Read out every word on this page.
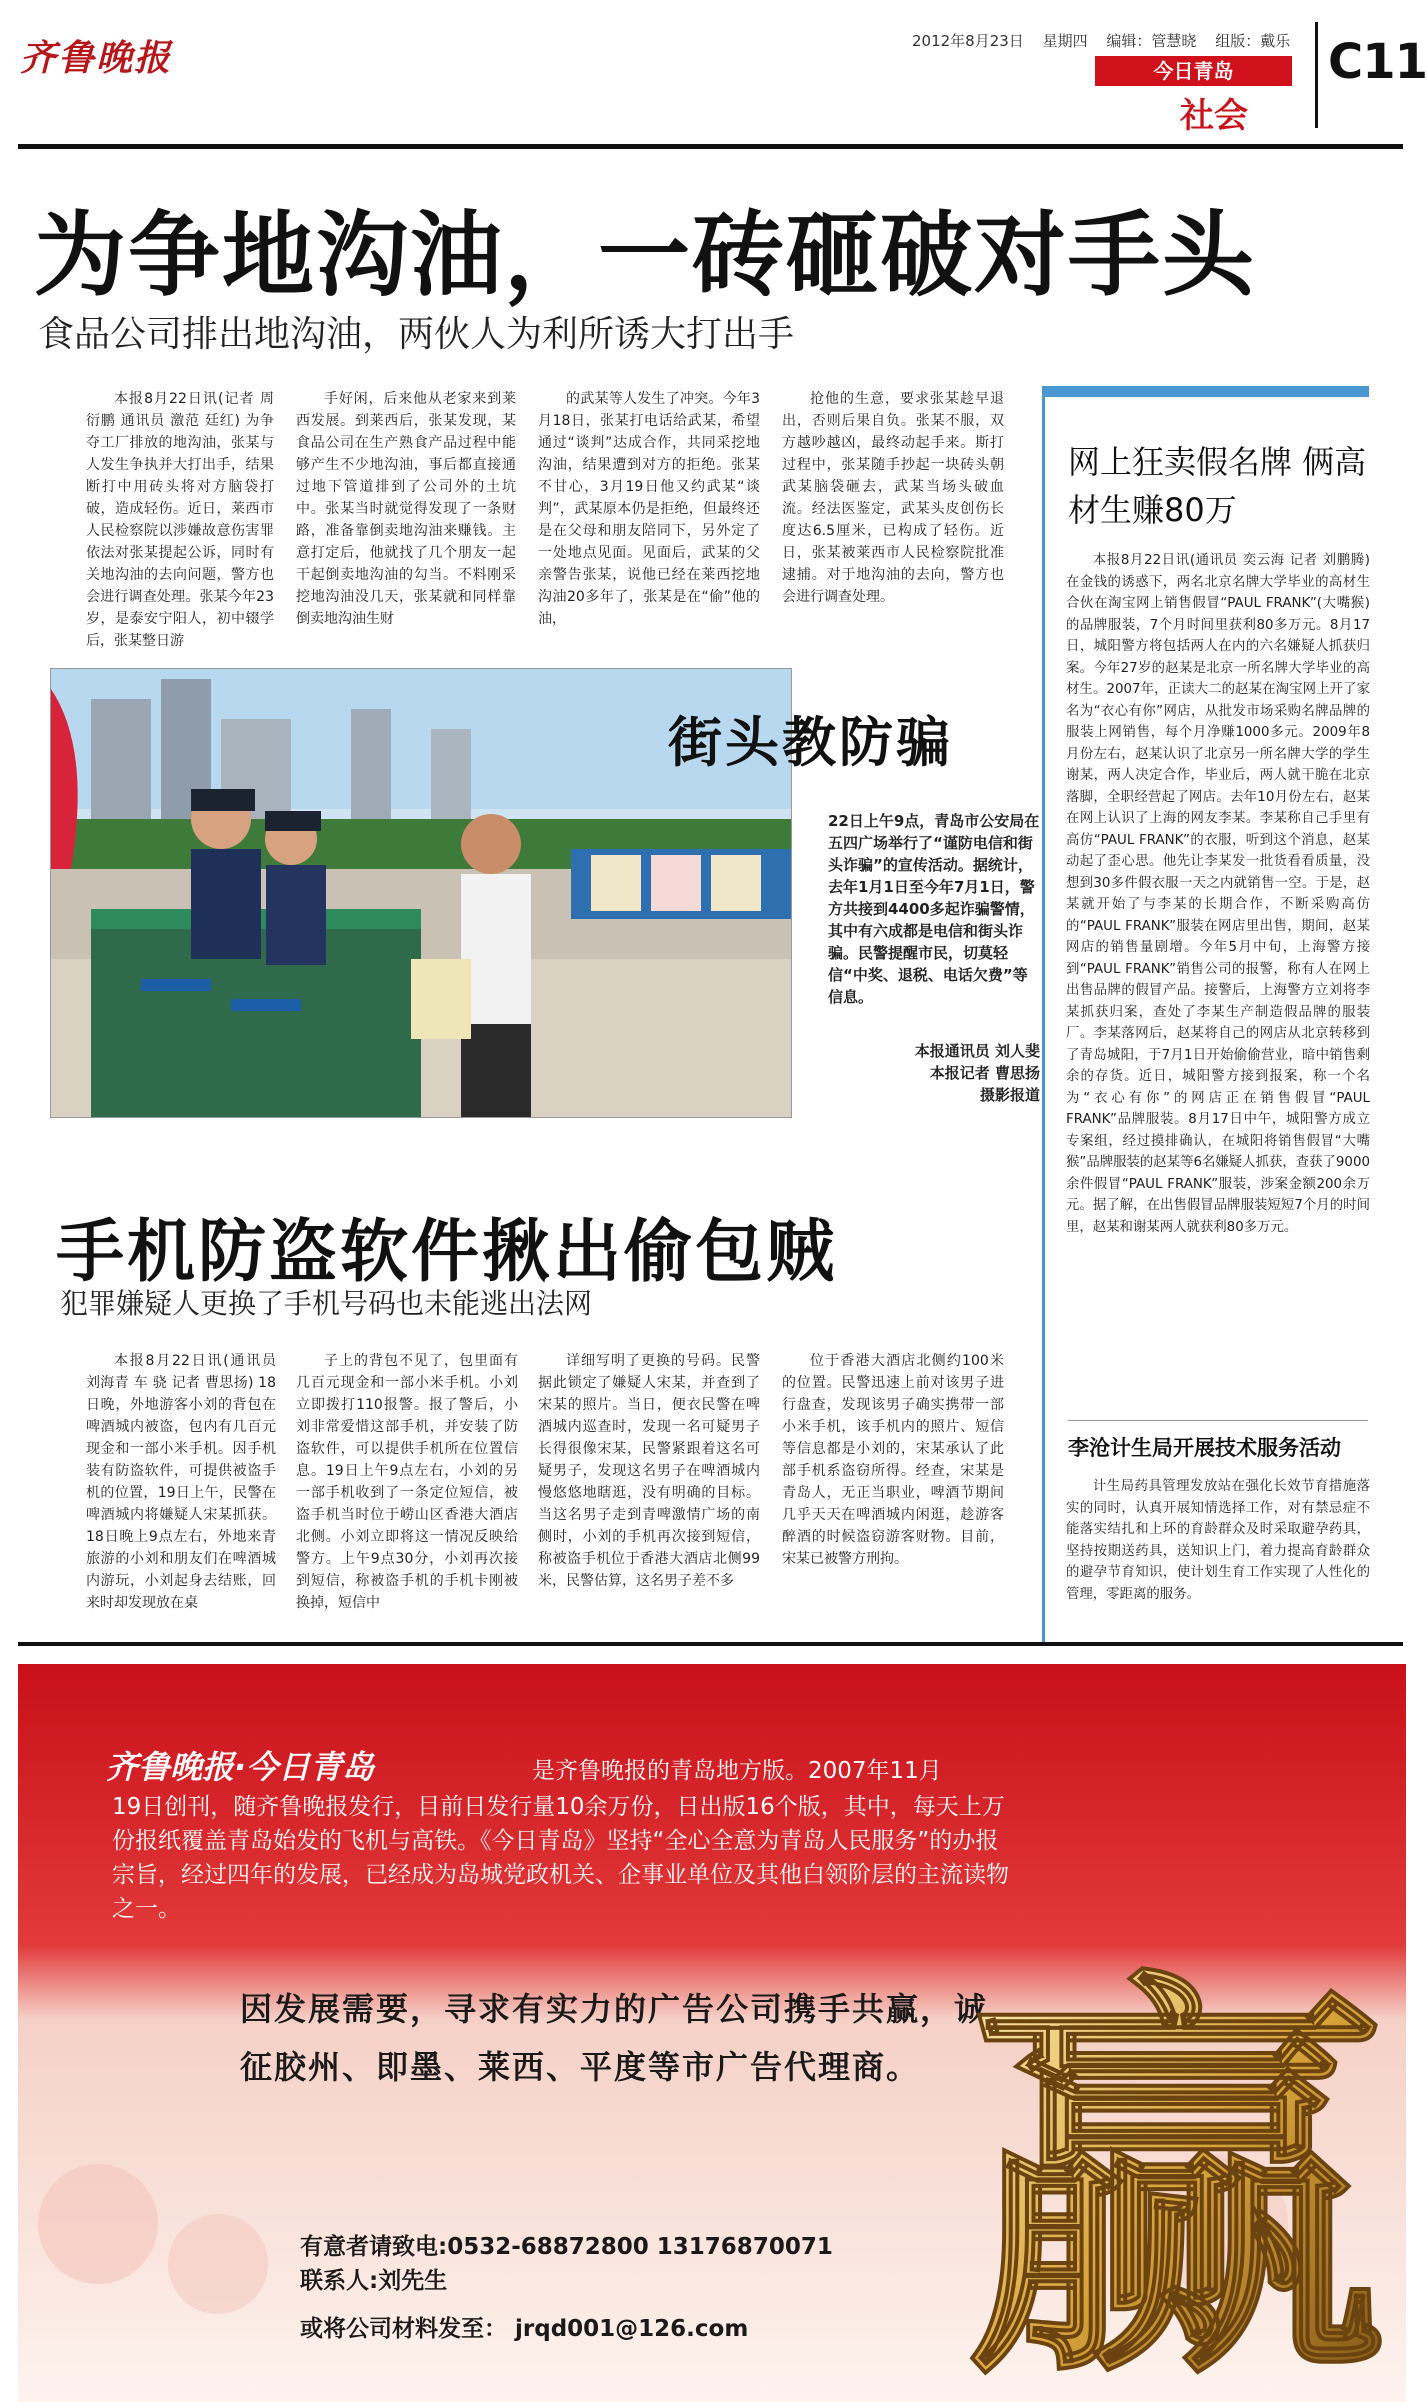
齐鲁晚报	2012年8月23日 星期四 编辑：管慧晓 组版：戴乐
今日青岛
社会
C11
为争地沟油，一砖砸破对手头
食品公司排出地沟油，两伙人为利所诱大打出手

本报8月22日讯(记者 周衍鹏 通讯员 激范 廷红) 为争夺工厂排放的地沟油，张某与人发生争执并大打出手，结果断打中用砖头将对方脑袋打破，造成轻伤。近日，莱西市人民检察院以涉嫌故意伤害罪依法对张某提起公诉，同时有关地沟油的去向问题，警方也会进行调查处理。张某今年23岁，是泰安宁阳人，初中辍学后，张某整日游

手好闲，后来他从老家来到莱西发展。到莱西后，张某发现，某食品公司在生产熟食产品过程中能够产生不少地沟油，事后都直接通过地下管道排到了公司外的土坑中。张某当时就觉得发现了一条财路，准备靠倒卖地沟油来赚钱。主意打定后，他就找了几个朋友一起干起倒卖地沟油的勾当。不料刚采挖地沟油没几天，张某就和同样靠倒卖地沟油生财

的武某等人发生了冲突。今年3月18日，张某打电话给武某，希望通过“谈判”达成合作，共同采挖地沟油，结果遭到对方的拒绝。张某不甘心，3月19日他又约武某“谈判”，武某原本仍是拒绝，但最终还是在父母和朋友陪同下，另外定了一处地点见面。见面后，武某的父亲警告张某，说他已经在莱西挖地沟油20多年了，张某是在“偷”他的油，

抢他的生意，要求张某趁早退出，否则后果自负。张某不服，双方越吵越凶，最终动起手来。斯打过程中，张某随手抄起一块砖头朝武某脑袋砸去，武某当场头破血流。经法医鉴定，武某头皮创伤长度达6.5厘米，已构成了轻伤。近日，张某被莱西市人民检察院批准逮捕。对于地沟油的去向，警方也会进行调查处理。

街头教防骗
22日上午9点，青岛市公安局在五四广场举行了“谨防电信和街头诈骗”的宣传活动。据统计，去年1月1日至今年7月1日，警方共接到4400多起诈骗警情，其中有六成都是电信和街头诈骗。民警提醒市民，切莫轻信“中奖、退税、电话欠费”等信息。
本报通讯员 刘人斐
本报记者 曹思扬
摄影报道
手机防盗软件揪出偷包贼
犯罪嫌疑人更换了手机号码也未能逃出法网

本报8月22日讯(通讯员 刘海青 车 骁 记者 曹思扬) 18日晚，外地游客小刘的背包在啤酒城内被盗，包内有几百元现金和一部小米手机。因手机装有防盗软件，可提供被盗手机的位置，19日上午，民警在啤酒城内将嫌疑人宋某抓获。18日晚上9点左右，外地来青旅游的小刘和朋友们在啤酒城内游玩，小刘起身去结账，回来时却发现放在桌

子上的背包不见了，包里面有几百元现金和一部小米手机。小刘立即拨打110报警。报了警后，小刘非常爱惜这部手机，并安装了防盗软件，可以提供手机所在位置信息。19日上午9点左右，小刘的另一部手机收到了一条定位短信，被盗手机当时位于崂山区香港大酒店北侧。小刘立即将这一情况反映给警方。上午9点30分，小刘再次接到短信，称被盗手机的手机卡刚被换掉，短信中

详细写明了更换的号码。民警据此锁定了嫌疑人宋某，并查到了宋某的照片。当日，便衣民警在啤酒城内巡查时，发现一名可疑男子长得很像宋某，民警紧跟着这名可疑男子，发现这名男子在啤酒城内慢悠悠地瞎逛，没有明确的目标。当这名男子走到青啤激情广场的南侧时，小刘的手机再次接到短信，称被盗手机位于香港大酒店北侧99米，民警估算，这名男子差不多

位于香港大酒店北侧约100米的位置。民警迅速上前对该男子进行盘查，发现该男子确实携带一部小米手机，该手机内的照片、短信等信息都是小刘的，宋某承认了此部手机系盗窃所得。经查，宋某是青岛人，无正当职业，啤酒节期间几乎天天在啤酒城内闲逛，趁游客醉酒的时候盗窃游客财物。目前，宋某已被警方刑拘。

网上狂卖假名牌 俩高材生赚80万

本报8月22日讯(通讯员 奕云海 记者 刘鹏腾) 在金钱的诱惑下，两名北京名牌大学毕业的高材生合伙在淘宝网上销售假冒“PAUL FRANK”(大嘴猴)的品牌服装，7个月时间里获利80多万元。8月17日，城阳警方将包括两人在内的六名嫌疑人抓获归案。今年27岁的赵某是北京一所名牌大学毕业的高材生。2007年，正读大二的赵某在淘宝网上开了家名为“衣心有你”网店，从批发市场采购名牌品牌的服装上网销售，每个月净赚1000多元。2009年8月份左右，赵某认识了北京另一所名牌大学的学生谢某，两人决定合作，毕业后，两人就干脆在北京落脚，全职经营起了网店。去年10月份左右，赵某在网上认识了上海的网友李某。李某称自己手里有高仿“PAUL FRANK”的衣服，听到这个消息，赵某动起了歪心思。他先让李某发一批货看看质量，没想到30多件假衣服一天之内就销售一空。于是，赵某就开始了与李某的长期合作，不断采购高仿的“PAUL FRANK”服装在网店里出售，期间，赵某网店的销售量剧增。今年5月中旬，上海警方接到“PAUL FRANK”销售公司的报警，称有人在网上出售品牌的假冒产品。接警后，上海警方立刘将李某抓获归案，查处了李某生产制造假品牌的服装厂。李某落网后，赵某将自己的网店从北京转移到了青岛城阳，于7月1日开始偷偷营业，暗中销售剩余的存货。近日，城阳警方接到报案，称一个名为“衣心有你”的网店正在销售假冒“PAUL FRANK”品牌服装。8月17日中午，城阳警方成立专案组，经过摸排确认，在城阳将销售假冒“大嘴猴”品牌服装的赵某等6名嫌疑人抓获，查获了9000余件假冒“PAUL FRANK”服装，涉案金额200余万元。据了解，在出售假冒品牌服装短短7个月的时间里，赵某和谢某两人就获利80多万元。

李沧计生局开展技术服务活动

计生局药具管理发放站在强化长效节育措施落实的同时，认真开展知情选择工作，对有禁忌症不能落实结扎和上环的育龄群众及时采取避孕药具，坚持按期送药具，送知识上门，着力提高育龄群众的避孕节育知识，使计划生育工作实现了人性化的管理，零距离的服务。

齐鲁晚报·今日青岛	是齐鲁晚报的青岛地方版。2007年11月
19日创刊，随齐鲁晚报发行，目前日发行量10余万份，日出版16个版，其中，每天上万份报纸覆盖青岛始发的飞机与高铁。《今日青岛》坚持“全心全意为青岛人民服务”的办报宗旨，经过四年的发展，已经成为岛城党政机关、企事业单位及其他白领阶层的主流读物之一。
因发展需要，寻求有实力的广告公司携手共赢，诚征胶州、即墨、莱西、平度等市广告代理商。
有意者请致电:0532-68872800 13176870071
联系人:刘先生
或将公司材料发至： jrqd001@126.com 赢
